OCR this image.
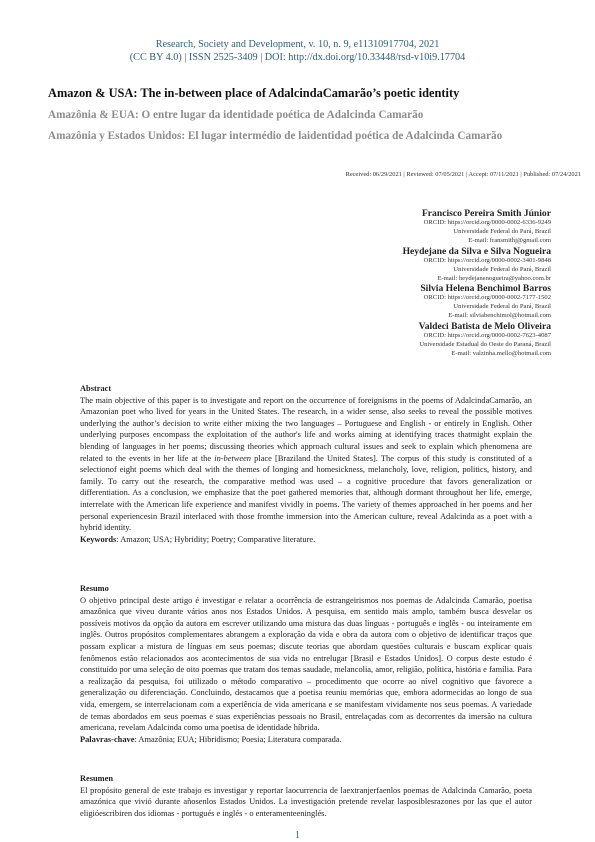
Research, Society and Development, v. 10, n. 9, e11310917704, 2021
(CC BY 4.0) | ISSN 2525-3409 | DOI: http://dx.doi.org/10.33448/rsd-v10i9.17704
Amazon & USA: The in-between place of AdalcindaCamarão’s poetic identity
Amazônia & EUA: O entre lugar da identidade poética de Adalcinda Camarão
Amazônia y Estados Unidos: El lugar intermédio de laidentidad poética de Adalcinda Camarão
Received: 06/29/2021 | Reviewed: 07/05/2021 | Accept: 07/11/2021 | Published: 07/24/2021
Francisco Pereira Smith Júnior
ORCID: https://orcid.org/0000-0002-6336-9249
Universidade Federal do Pará, Brazil
E-mail: fransmithj@gmail.com
Heydejane da Silva e Silva Nogueira
ORCID: https://orcid.org/0000-0002-3401-9848
Universidade Federal do Pará, Brazil
E-mail: heydejanenogueira@yahoo.com.br
Silvia Helena Benchimol Barros
ORCID: https://orcid.org/0000-0002-7177-1502
Universidade Federal do Pará, Brazil
E-mail: silviabenchimol@hotmail.com
Valdeci Batista de Melo Oliveira
ORCID: https://orcid.org/0000-0002-7623-4087
Universidade Estadual do Oeste do Paraná, Brazil
E-mail: valzinha.mello@hotmail.com
Abstract
The main objective of this paper is to investigate and report on the occurrence of foreignisms in the poems of AdalcindaCamarão, an Amazonian poet who lived for years in the United States. The research, in a wider sense, also seeks to reveal the possible motives underlying the author’s decision to write either mixing the two languages – Portuguese and English - or entirely in English. Other underlying purposes encompass the exploitation of the author's life and works aiming at identifying traces thatmight explain the blending of languages in her poems; discussing theories which approach cultural issues and seek to explain which phenomena are related to the events in her life at the in-between place [Braziland the United States]. The corpus of this study is constituted of a selectionof eight poems which deal with the themes of longing and homesickness, melancholy, love, religion, politics, history, and family. To carry out the research, the comparative method was used – a cognitive procedure that favors generalization or differentiation. As a conclusion, we emphasize that the poet gathered memories that, although dormant throughout her life, emerge, interrelate with the American life experience and manifest vividly in poems. The variety of themes approached in her poems and her personal experiencesin Brazil interlaced with those fromthe immersion into the American culture, reveal Adalcinda as a poet with a hybrid identity.
Keywords: Amazon; USA; Hybridity; Poetry; Comparative literature.
Resumo
O objetivo principal deste artigo é investigar e relatar a ocorrência de estrangeirismos nos poemas de Adalcinda Camarão, poetisa amazônica que viveu durante vários anos nos Estados Unidos. A pesquisa, em sentido mais amplo, também busca desvelar os possíveis motivos da opção da autora em escrever utilizando uma mistura das duas línguas - português e inglês - ou inteiramente em inglês. Outros propósitos complementares abrangem a exploração da vida e obra da autora com o objetivo de identificar traços que possam explicar a mistura de línguas em seus poemas; discute teorias que abordam questões culturais e buscam explicar quais fenômenos estão relacionados aos acontecimentos de sua vida no entrelugar [Brasil e Estados Unidos]. O corpus deste estudo é constituído por uma seleção de oito poemas que tratam dos temas saudade, melancolia, amor, religião, política, história e família. Para a realização da pesquisa, foi utilizado o método comparativo – procedimento que ocorre ao nível cognitivo que favorece a generalização ou diferenciação. Concluindo, destacamos que a poetisa reuniu memórias que, embora adormecidas ao longo de sua vida, emergem, se interrelacionam com a experiência de vida americana e se manifestam vividamente nos seus poemas. A variedade de temas abordados em seus poemas e suas experiências pessoais no Brasil, entrelaçadas com as decorrentes da imersão na cultura americana, revelam Adalcinda como uma poetisa de identidade híbrida.
Palavras-chave: Amazônia; EUA; Hibridismo; Poesia; Literatura comparada.
Resumen
El propósito general de este trabajo es investigar y reportar laocurrencia de laextranjerfaenlos poemas de Adalcinda Camarão, poeta amazónica que vivió durante añosenlos Estados Unidos. La investigación pretende revelar lasposiblesrazones por las que el autor eligióescribiren dos idiomas - portugués e inglés - o enteramenteeninglés.
1
